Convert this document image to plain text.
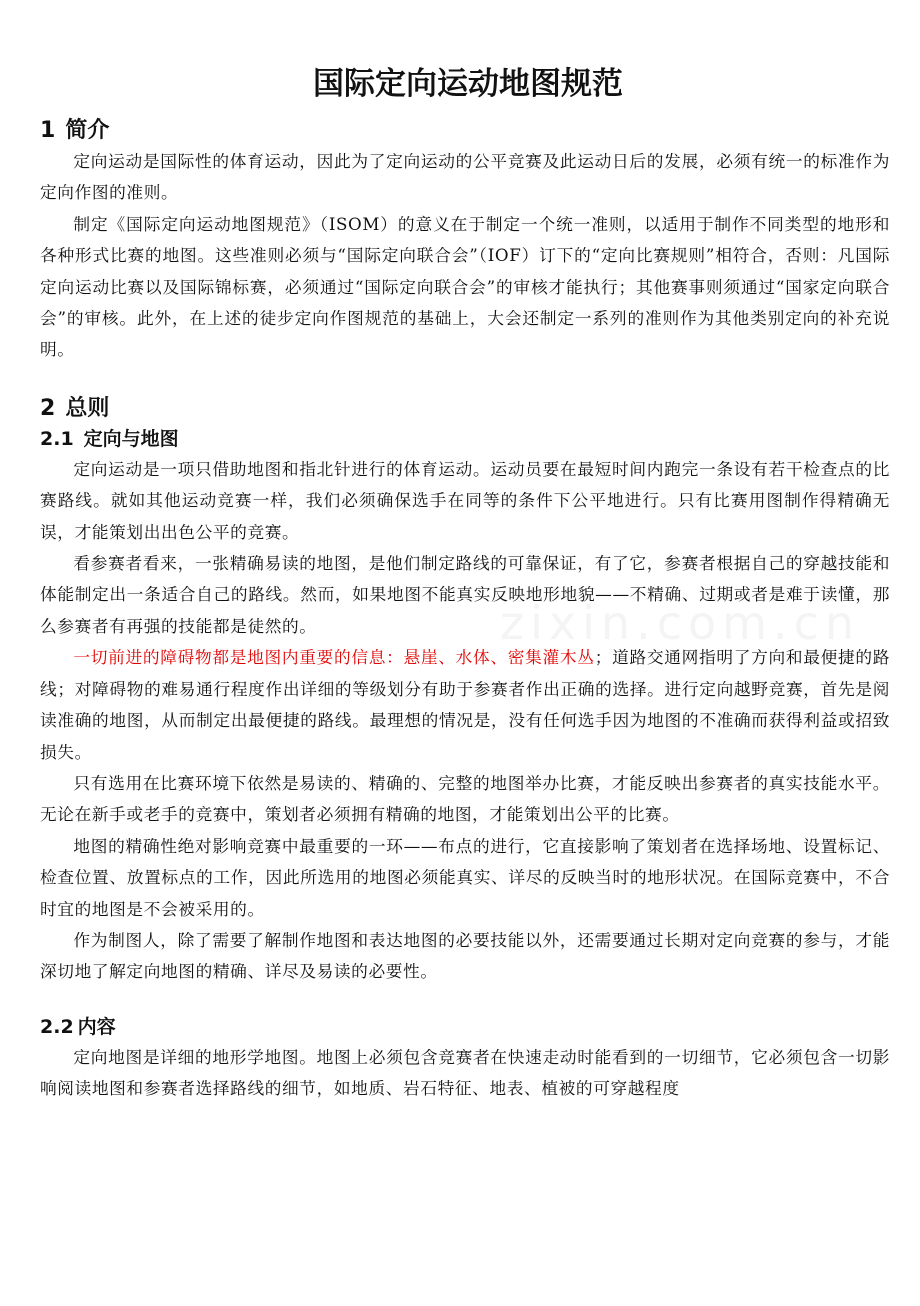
zixin.com.cn
国际定向运动地图规范
1 简介

定向运动是国际性的体育运动，因此为了定向运动的公平竞赛及此运动日后的发展，必须有统一的标准作为定向作图的准则。

制定《国际定向运动地图规范》（ISOM）的意义在于制定一个统一准则，以适用于制作不同类型的地形和各种形式比赛的地图。这些准则必须与“国际定向联合会”（IOF）订下的“定向比赛规则”相符合，否则：凡国际定向运动比赛以及国际锦标赛，必须通过“国际定向联合会”的审核才能执行；其他赛事则须通过“国家定向联合会”的审核。此外，在上述的徒步定向作图规范的基础上，大会还制定一系列的准则作为其他类别定向的补充说明。

2 总则
2.1 定向与地图

定向运动是一项只借助地图和指北针进行的体育运动。运动员要在最短时间内跑完一条设有若干检查点的比赛路线。就如其他运动竞赛一样，我们必须确保选手在同等的条件下公平地进行。只有比赛用图制作得精确无误，才能策划出出色公平的竞赛。

看参赛者看来，一张精确易读的地图，是他们制定路线的可靠保证，有了它，参赛者根据自己的穿越技能和体能制定出一条适合自己的路线。然而，如果地图不能真实反映地形地貌——不精确、过期或者是难于读懂，那么参赛者有再强的技能都是徒然的。

一切前进的障碍物都是地图内重要的信息：悬崖、水体、密集灌木丛；道路交通网指明了方向和最便捷的路线；对障碍物的难易通行程度作出详细的等级划分有助于参赛者作出正确的选择。进行定向越野竞赛，首先是阅读准确的地图，从而制定出最便捷的路线。最理想的情况是，没有任何选手因为地图的不准确而获得利益或招致损失。

只有选用在比赛环境下依然是易读的、精确的、完整的地图举办比赛，才能反映出参赛者的真实技能水平。无论在新手或老手的竞赛中，策划者必须拥有精确的地图，才能策划出公平的比赛。

地图的精确性绝对影响竞赛中最重要的一环——布点的进行，它直接影响了策划者在选择场地、设置标记、检查位置、放置标点的工作，因此所选用的地图必须能真实、详尽的反映当时的地形状况。在国际竞赛中，不合时宜的地图是不会被采用的。

作为制图人，除了需要了解制作地图和表达地图的必要技能以外，还需要通过长期对定向竞赛的参与，才能深切地了解定向地图的精确、详尽及易读的必要性。

2.2 内容

定向地图是详细的地形学地图。地图上必须包含竞赛者在快速走动时能看到的一切细节，它必须包含一切影响阅读地图和参赛者选择路线的细节，如地质、岩石特征、地表、植被的可穿越程度
